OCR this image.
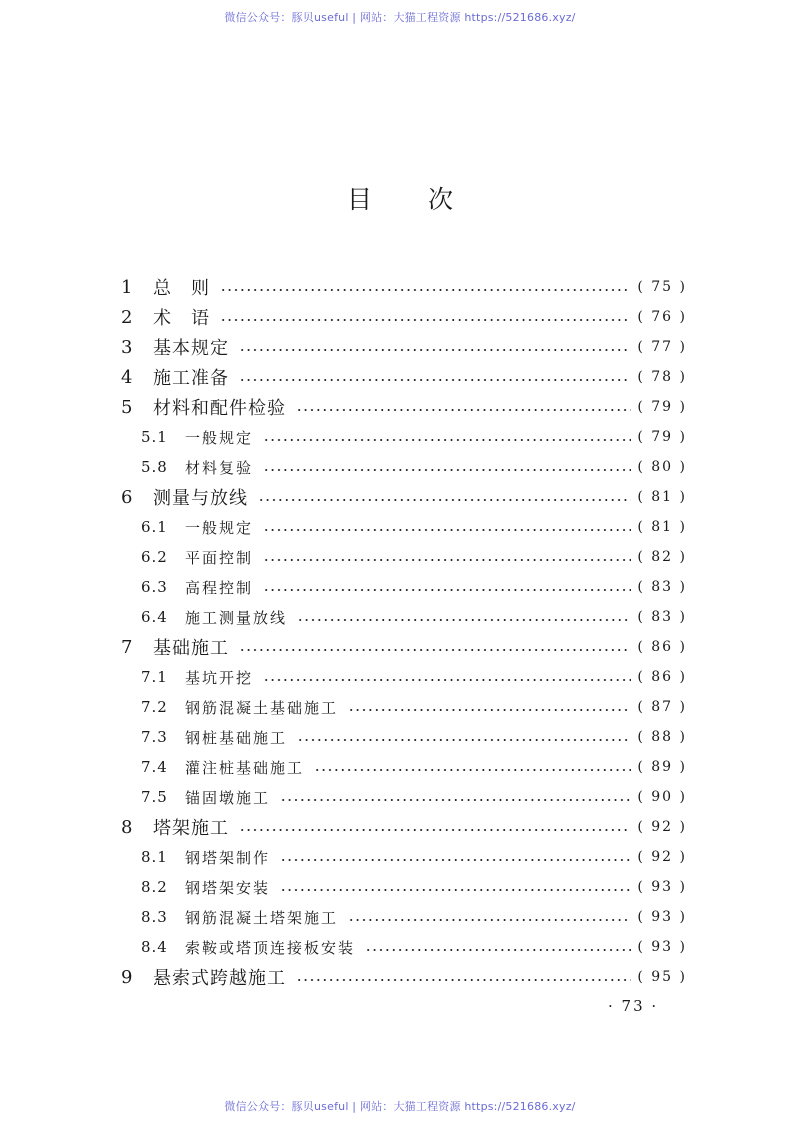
微信公众号：豚贝useful | 网站：大猫工程资源 https://521686.xyz/
目次
1	总　则	( 75 )
2	术　语	( 76 )
3	基本规定	( 77 )
4	施工准备	( 78 )
5	材料和配件检验	( 79 )
5.1	一般规定	( 79 )
5.8	材料复验	( 80 )
6	测量与放线	( 81 )
6.1	一般规定	( 81 )
6.2	平面控制	( 82 )
6.3	高程控制	( 83 )
6.4	施工测量放线	( 83 )
7	基础施工	( 86 )
7.1	基坑开挖	( 86 )
7.2	钢筋混凝土基础施工	( 87 )
7.3	钢桩基础施工	( 88 )
7.4	灌注桩基础施工	( 89 )
7.5	锚固墩施工	( 90 )
8	塔架施工	( 92 )
8.1	钢塔架制作	( 92 )
8.2	钢塔架安装	( 93 )
8.3	钢筋混凝土塔架施工	( 93 )
8.4	索鞍或塔顶连接板安装	( 93 )
9	悬索式跨越施工	( 95 )
· 73 ·
微信公众号：豚贝useful | 网站：大猫工程资源 https://521686.xyz/
